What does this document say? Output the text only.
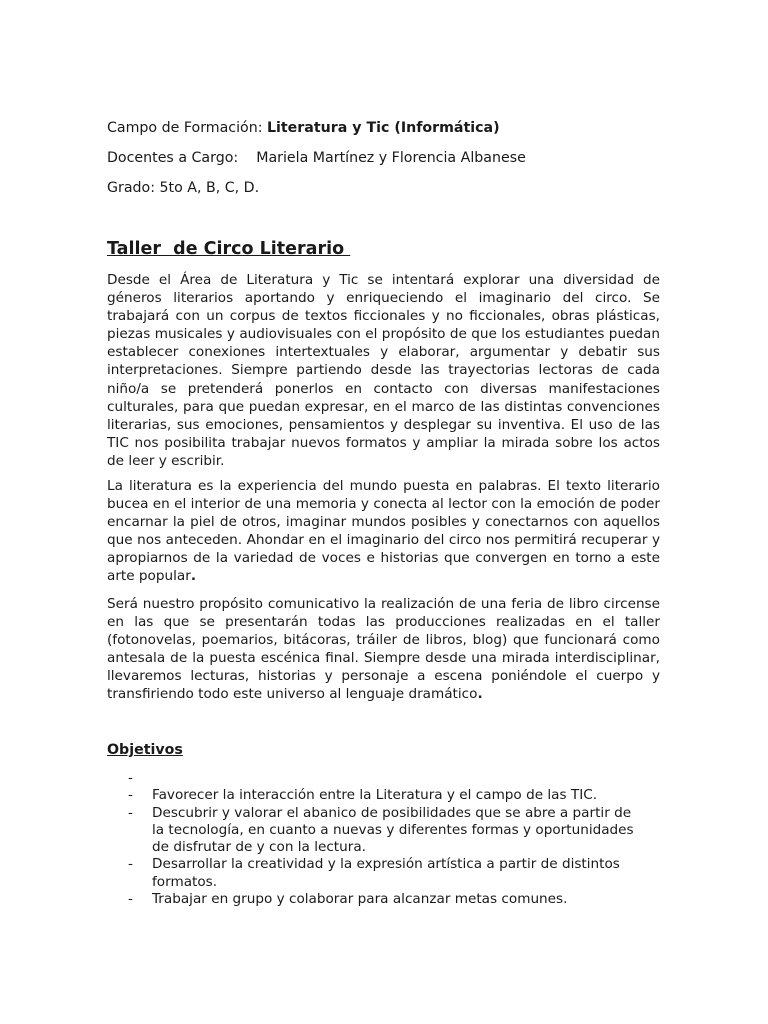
Campo de Formación: Literatura y Tic (Informática)
Docentes a Cargo:    Mariela Martínez y Florencia Albanese
Grado: 5to A, B, C, D.
Taller  de Circo Literario

Desde el Área de Literatura y Tic se intentará explorar una diversidad de géneros literarios aportando y enriqueciendo el imaginario del circo. Se trabajará con un corpus de textos ficcionales y no ficcionales, obras plásticas, piezas musicales y audiovisuales con el propósito de que los estudiantes puedan establecer conexiones intertextuales y elaborar, argumentar y debatir sus interpretaciones. Siempre partiendo desde las trayectorias lectoras de cada niño/a se pretenderá ponerlos en contacto con diversas manifestaciones culturales, para que puedan expresar, en el marco de las distintas convenciones literarias, sus emociones, pensamientos y desplegar su inventiva. El uso de las TIC nos posibilita trabajar nuevos formatos y ampliar la mirada sobre los actos de leer y escribir.

La literatura es la experiencia del mundo puesta en palabras. El texto literario bucea en el interior de una memoria y conecta al lector con la emoción de poder encarnar la piel de otros, imaginar mundos posibles y conectarnos con aquellos que nos anteceden. Ahondar en el imaginario del circo nos permitirá recuperar y apropiarnos de la variedad de voces e historias que convergen en torno a este arte popular.

Será nuestro propósito comunicativo la realización de una feria de libro circense en las que se presentarán todas las producciones realizadas en el taller (fotonovelas, poemarios, bitácoras, tráiler de libros, blog) que funcionará como antesala de la puesta escénica final. Siempre desde una mirada interdisciplinar, llevaremos lecturas, historias y personaje a escena poniéndole el cuerpo y transfiriendo todo este universo al lenguaje dramático.

Objetivos
-
- Favorecer la interacción entre la Literatura y el campo de las TIC.
- Descubrir y valorar el abanico de posibilidades que se abre a partir de la tecnología, en cuanto a nuevas y diferentes formas y oportunidades de disfrutar de y con la lectura.
- Desarrollar la creatividad y la expresión artística a partir de distintos formatos.
- Trabajar en grupo y colaborar para alcanzar metas comunes.
